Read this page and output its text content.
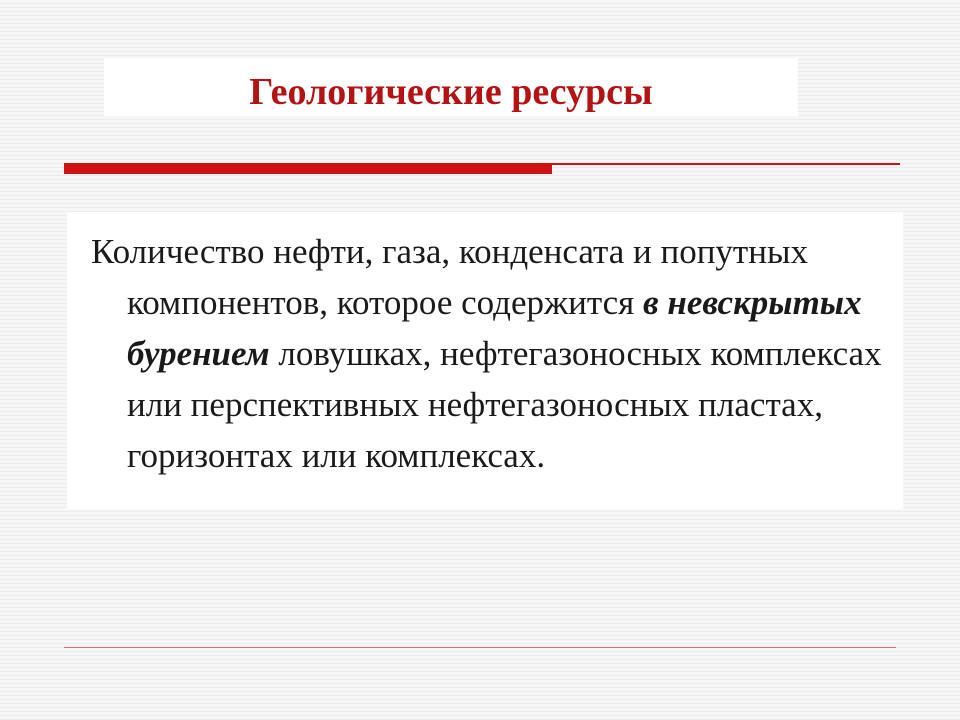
Геологические ресурсы

Количество нефти, газа, конденсата и попутных компонентов, которое содержится в невскрытых бурением ловушках, нефтегазоносных комплексах или перспективных нефтегазоносных пластах, горизонтах или комплексах.
